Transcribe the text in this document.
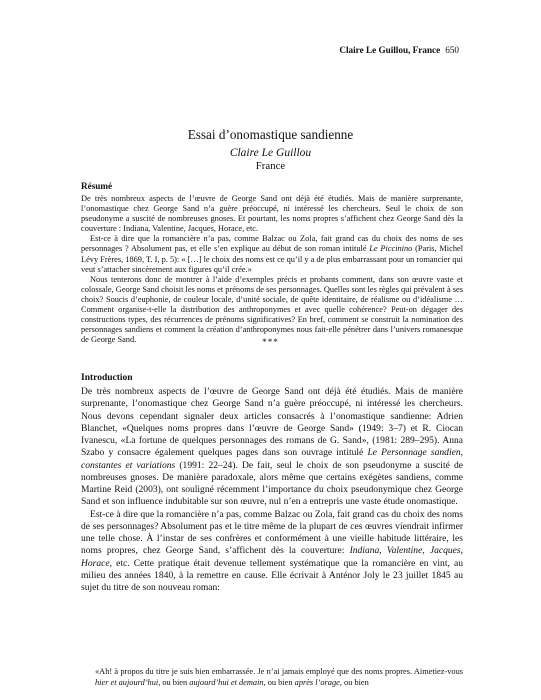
Claire Le Guillou, France 650
Essai d’onomastique sandienne
Claire Le Guillou
France
Résumé

De très nombreux aspects de l’œuvre de George Sand ont déjà été étudiés. Mais de manière surprenante, l’onomastique chez George Sand n’a guère préoccupé, ni intéressé les chercheurs. Seul le choix de son pseudonyme a suscité de nombreuses gnoses. Et pourtant, les noms propres s’affichent chez George Sand dès la couverture : Indiana, Valentine, Jacques, Horace, etc.

Est-ce à dire que la romancière n’a pas, comme Balzac ou Zola, fait grand cas du choix des noms de ses personnages ? Absolument pas, et elle s’en explique au début de son roman intitulé Le Piccinino (Paris, Michel Lévy Frères, 1869, T. I, p. 5): « […] le choix des noms est ce qu’il y a de plus embarrassant pour un romancier qui veut s’attacher sincèrement aux figures qu’il crée.»

Nous tenterons donc de montrer à l’aide d’exemples précis et probants comment, dans son œuvre vaste et colossale, George Sand choisit les noms et prénoms de ses personnages. Quelles sont les règles qui prévalent à ses choix? Soucis d’euphonie, de couleur locale, d’unité sociale, de quête identitaire, de réalisme ou d’idéalisme … Comment organise-t-elle la distribution des anthroponymes et avec quelle cohérence? Peut-on dégager des constructions types, des récurrences de prénoms significatives? En bref, comment se construit la nomination des personnages sandiens et comment la création d’anthroponymes nous fait-elle pénétrer dans l’univers romanesque de George Sand.	***
Introduction

De très nombreux aspects de l’œuvre de George Sand ont déjà été étudiés. Mais de manière surprenante, l’onomastique chez George Sand n’a guère préoccupé, ni intéressé les chercheurs. Nous devons cependant signaler deux articles consacrés à l’onomastique sandienne: Adrien Blanchet, «Quelques noms propres dans l’œuvre de George Sand» (1949: 3–7) et R. Ciocan Ivanescu, «La fortune de quelques personnages des romans de G. Sand», (1981: 289–295). Anna Szabo y consacre également quelques pages dans son ouvrage intitulé Le Personnage sandien, constantes et variations (1991: 22–24). De fait, seul le choix de son pseudonyme a suscité de nombreuses gnoses. De manière paradoxale, alors même que certains exégètes sandiens, comme Martine Reid (2003), ont souligné récemment l’importance du choix pseudonymique chez George Sand et son influence indubitable sur son œuvre, nul n’en a entrepris une vaste étude onomastique.

Est-ce à dire que la romancière n’a pas, comme Balzac ou Zola, fait grand cas du choix des noms de ses personnages? Absolument pas et le titre même de la plupart de ces œuvres viendrait infirmer une telle chose. À l’instar de ses confrères et conformément à une vieille habitude littéraire, les noms propres, chez George Sand, s’affichent dès la couverture: Indiana, Valentine, Jacques, Horace, etc. Cette pratique était devenue tellement systématique que la romancière en vint, au milieu des années 1840, à la remettre en cause. Elle écrivait à Anténor Joly le 23 juillet 1845 au sujet du titre de son nouveau roman:

«Ah! à propos du titre je suis bien embarrassée. Je n’ai jamais employé que des noms propres. Aimetiez-vous hier et aujourd’hui, ou bien aujourd’hui et demain, ou bien après l’orage, ou bien
